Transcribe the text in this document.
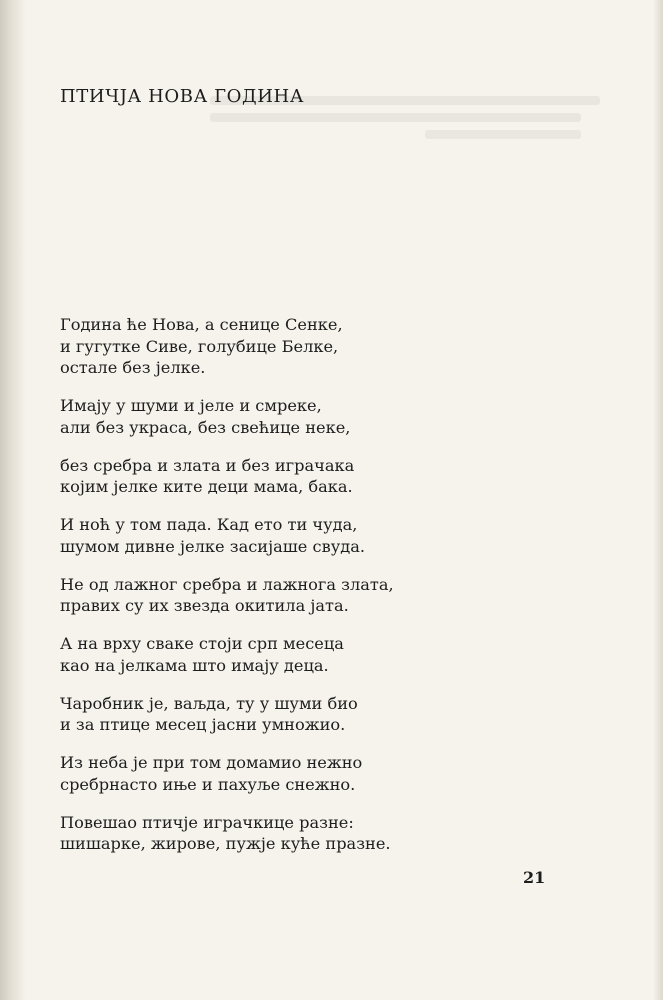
ПТИЧЈА НОВА ГОДИНА
Година ће Нова, а сенице Сенке,
и гугутке Сиве, голубице Белке,
остале без јелке.
Имају у шуми и јеле и смреке,
али без украса, без свећице неке,
без сребра и злата и без играчака
којим јелке ките деци мама, бака.
И ноћ у том пада. Кад ето ти чуда,
шумом дивне јелке засијаше свуда.
Не од лажног сребра и лажнога злата,
правих су их звезда окитила јата.
А на врху сваке стоји срп месеца
као на јелкама што имају деца.
Чаробник је, ваљда, ту у шуми био
и за птице месец јасни умножио.
Из неба је при том домамио нежно
сребрнасто иње и пахуље снежно.
Повешао птичје играчкице разне:
шишарке, жирове, пужје куће празне.
21
